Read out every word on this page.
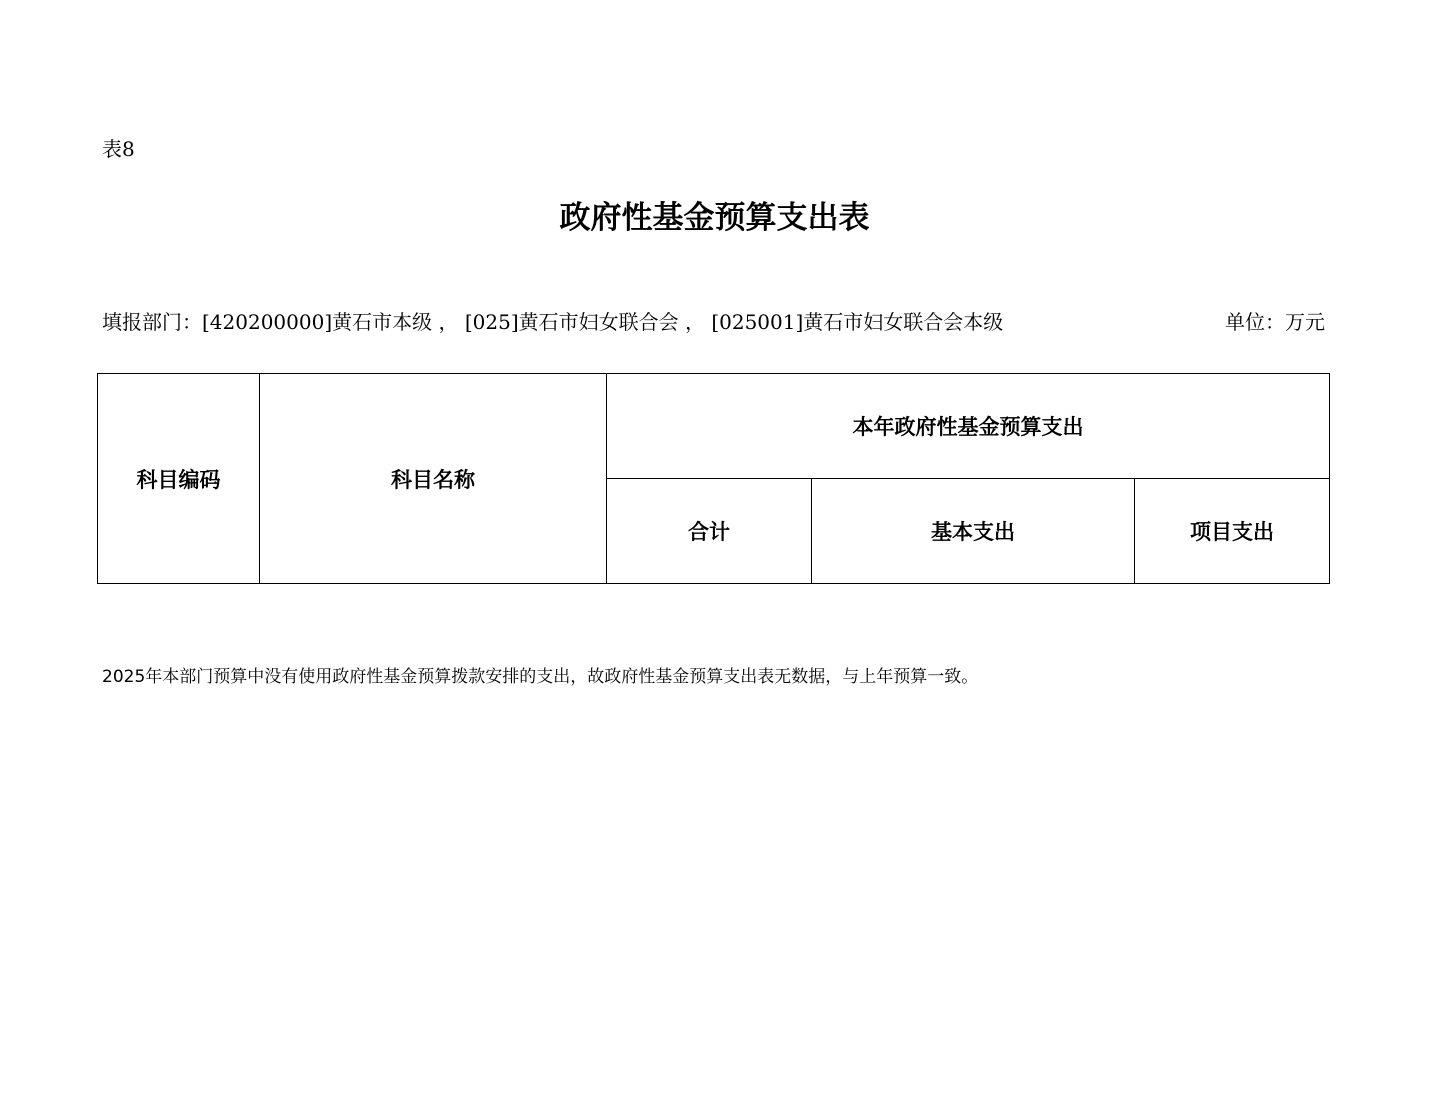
表8
政府性基金预算支出表
填报部门：[420200000]黄石市本级 ， [025]黄石市妇女联合会 ， [025001]黄石市妇女联合会本级	单位：万元
科目编码	科目名称	本年政府性基金预算支出		
		合计	基本支出	项目支出
2025年本部门预算中没有使用政府性基金预算拨款安排的支出，故政府性基金预算支出表无数据，与上年预算一致。
